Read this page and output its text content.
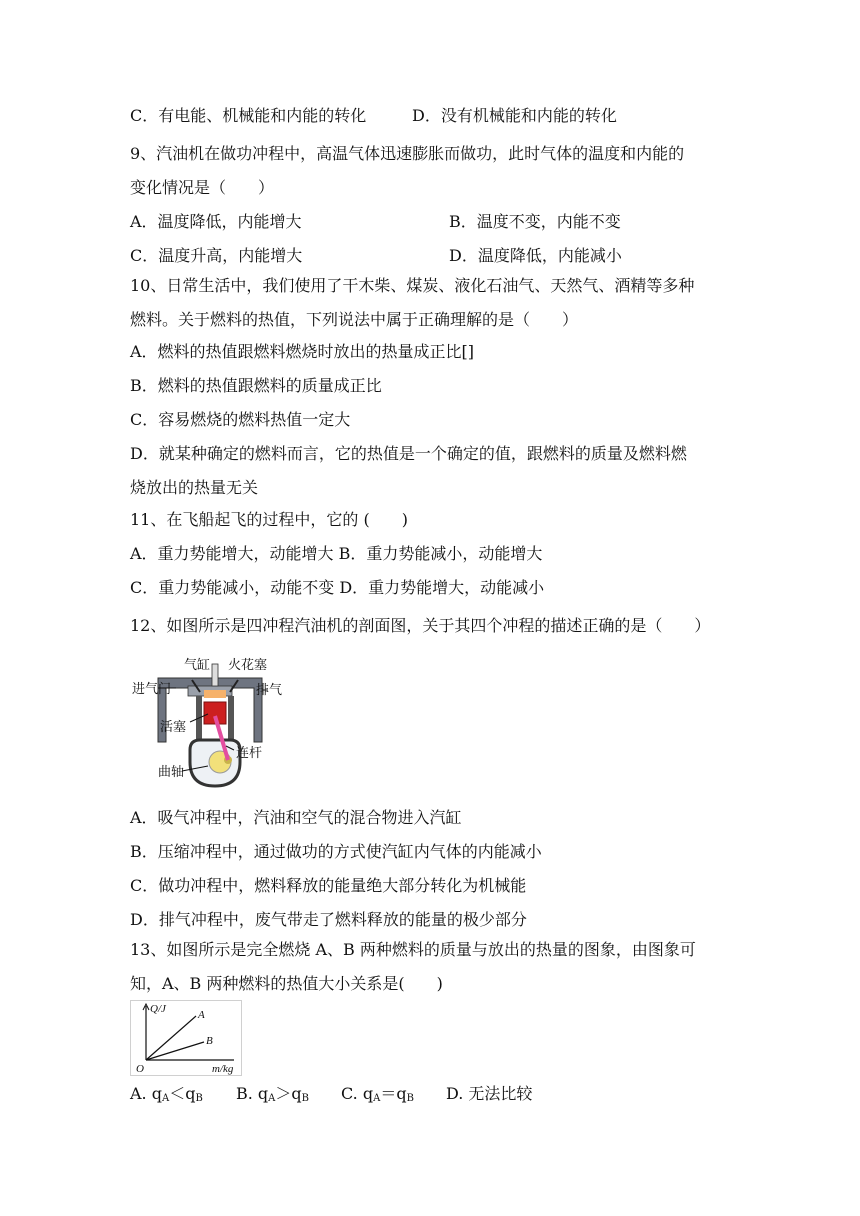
C．有电能、机械能和内能的转化	D．没有机械能和内能的转化
9、汽油机在做功冲程中，高温气体迅速膨胀而做功，此时气体的温度和内能的
变化情况是（　　）
A．温度降低，内能增大	B．温度不变，内能不变
C．温度升高，内能增大	D．温度降低，内能减小
10、日常生活中，我们使用了干木柴、煤炭、液化石油气、天然气、酒精等多种
燃料。关于燃料的热值，下列说法中属于正确理解的是（　　）
A．燃料的热值跟燃料燃烧时放出的热量成正比[]
B．燃料的热值跟燃料的质量成正比
C．容易燃烧的燃料热值一定大
D．就某种确定的燃料而言，它的热值是一个确定的值，跟燃料的质量及燃料燃
烧放出的热量无关
11、在飞船起飞的过程中，它的 (　　)
A．重力势能增大，动能增大 B．重力势能减小，动能增大
C．重力势能减小，动能不变 D．重力势能增大，动能减小
12、如图所示是四冲程汽油机的剖面图，关于其四个冲程的描述正确的是（　　）
气缸 火花塞
进气门	排气
活塞
连杆
曲轴
A．吸气冲程中，汽油和空气的混合物进入汽缸
B．压缩冲程中，通过做功的方式使汽缸内气体的内能减小
C．做功冲程中，燃料释放的能量绝大部分转化为机械能
D．排气冲程中，废气带走了燃料释放的能量的极少部分
13、如图所示是完全燃烧 A、B 两种燃料的质量与放出的热量的图象，由图象可
知，A、B 两种燃料的热值大小关系是(　　)
Q/J
m/kg
O
A
B
A. $q_A<q_B$ B. $q_A>q_B$ C. $q_A=q_B$ D. 无法比较
